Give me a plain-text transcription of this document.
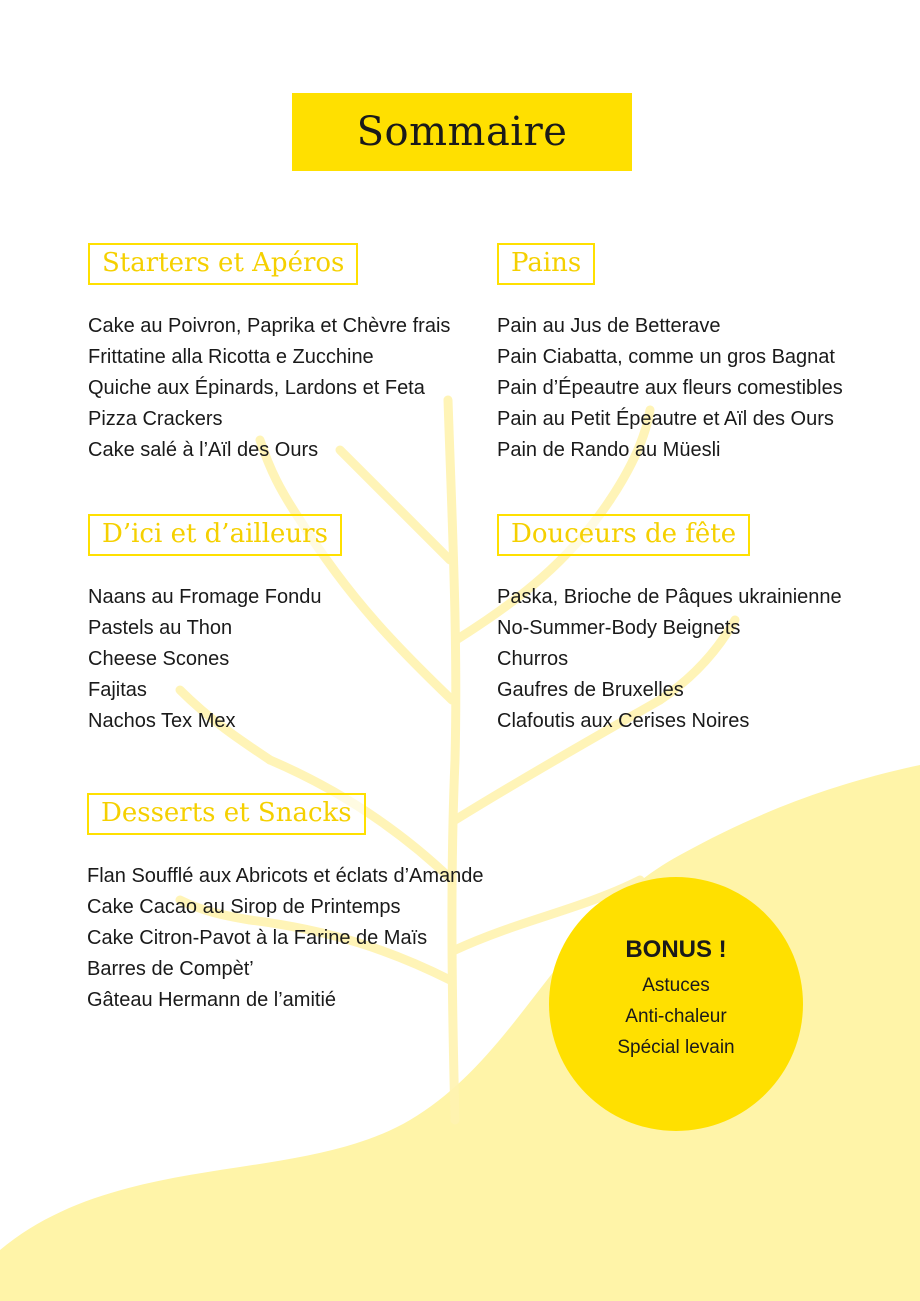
Sommaire
Starters et Apéros
Cake au Poivron, Paprika et Chèvre frais
Frittatine alla Ricotta e Zucchine
Quiche aux Épinards, Lardons et Feta
Pizza Crackers
Cake salé à l’Aïl des Ours
Pains
Pain au Jus de Betterave
Pain Ciabatta, comme un gros Bagnat
Pain d’Épeautre aux fleurs comestibles
Pain au Petit Épeautre et Aïl des Ours
Pain de Rando au Müesli
D’ici et d’ailleurs
Naans au Fromage Fondu
Pastels au Thon
Cheese Scones
Fajitas
Nachos Tex Mex
Douceurs de fête
Paska, Brioche de Pâques ukrainienne
No-Summer-Body Beignets
Churros
Gaufres de Bruxelles
Clafoutis aux Cerises Noires
Desserts et Snacks
Flan Soufflé aux Abricots et éclats d’Amande
Cake Cacao au Sirop de Printemps
Cake Citron-Pavot à la Farine de Maïs
Barres de Compèt’
Gâteau Hermann de l’amitié
BONUS !
Astuces
Anti-chaleur
Spécial levain
